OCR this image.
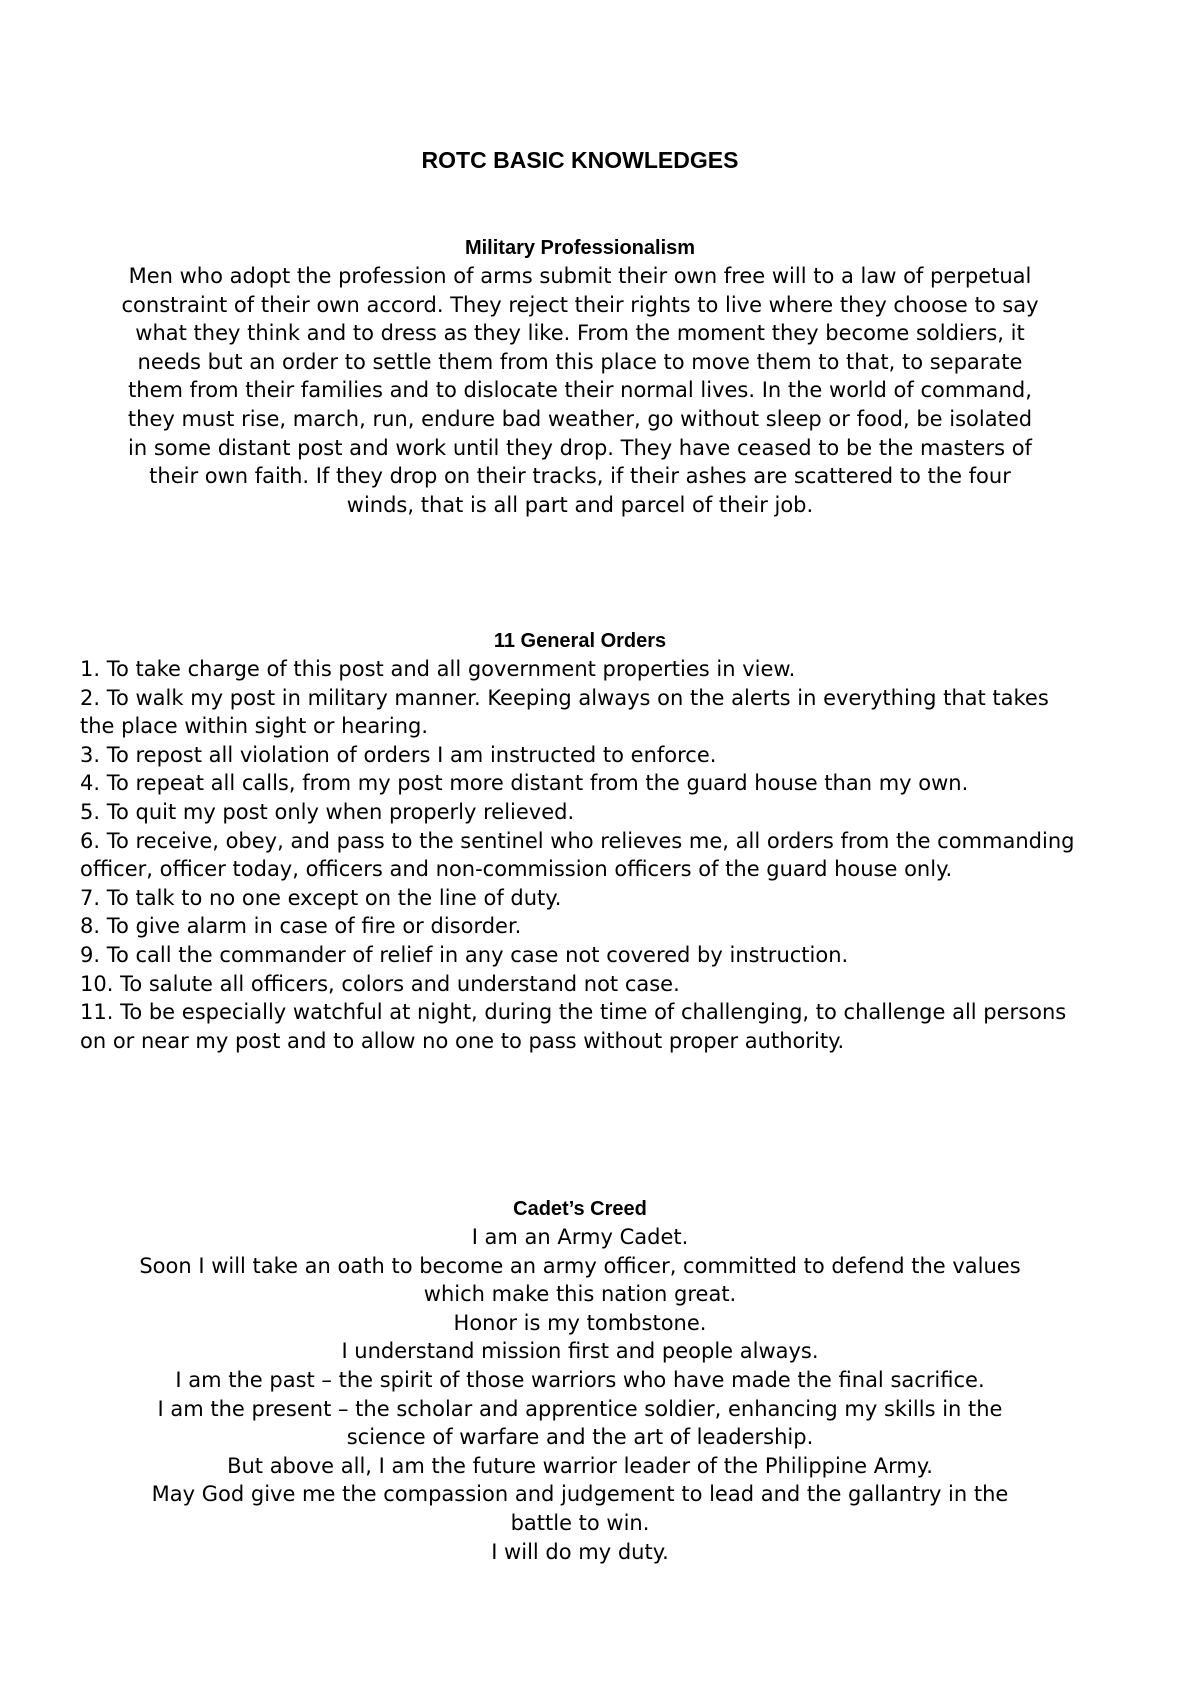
ROTC BASIC KNOWLEDGES
Military Professionalism

Men who adopt the profession of arms submit their own free will to a law of perpetual constraint of their own accord. They reject their rights to live where they choose to say what they think and to dress as they like. From the moment they become soldiers, it needs but an order to settle them from this place to move them to that, to separate them from their families and to dislocate their normal lives. In the world of command, they must rise, march, run, endure bad weather, go without sleep or food, be isolated in some distant post and work until they drop. They have ceased to be the masters of their own faith. If they drop on their tracks, if their ashes are scattered to the four winds, that is all part and parcel of their job.

11 General Orders
1. To take charge of this post and all government properties in view.
2. To walk my post in military manner. Keeping always on the alerts in everything that takes the place within sight or hearing.
3. To repost all violation of orders I am instructed to enforce.
4. To repeat all calls, from my post more distant from the guard house than my own.
5. To quit my post only when properly relieved.
6. To receive, obey, and pass to the sentinel who relieves me, all orders from the commanding officer, officer today, officers and non-commission officers of the guard house only.
7. To talk to no one except on the line of duty.
8. To give alarm in case of fire or disorder.
9. To call the commander of relief in any case not covered by instruction.
10. To salute all officers, colors and understand not case.
11. To be especially watchful at night, during the time of challenging, to challenge all persons on or near my post and to allow no one to pass without proper authority.
Cadet’s Creed

I am an Army Cadet.

Soon I will take an oath to become an army officer, committed to defend the values which make this nation great.

Honor is my tombstone.

I understand mission first and people always.

I am the past – the spirit of those warriors who have made the final sacrifice.

I am the present – the scholar and apprentice soldier, enhancing my skills in the science of warfare and the art of leadership.

But above all, I am the future warrior leader of the Philippine Army.

May God give me the compassion and judgement to lead and the gallantry in the battle to win.

I will do my duty.
